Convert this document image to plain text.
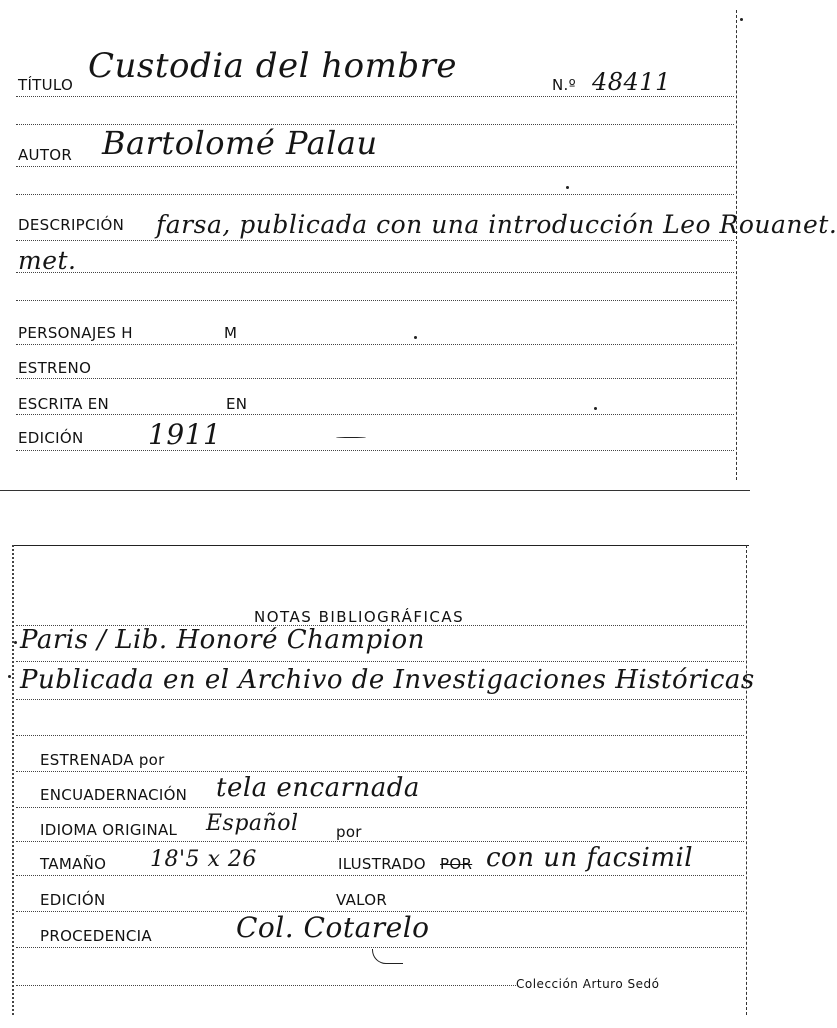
TÍTULO Custodia del hombre	N.º 48411
AUTOR Bartolomé Palau
DESCRIPCIÓN farsa, publicada con una introducción Leo Rouanet.
met.
PERSONAJES H	M
ESTRENO
ESCRITA EN	EN
EDICIÓN 1911
NOTAS BIBLIOGRÁFICAS
Paris / Lib. Honoré Champion
Publicada en el Archivo de Investigaciones Históricas
ESTRENADA por
ENCUADERNACIÓN tela encarnada
IDIOMA ORIGINAL Español	por
TAMAÑO 18'5 x 26	ILUSTRADO POR con un facsimil
EDICIÓN	VALOR
PROCEDENCIA	Col. Cotarelo
Colección Arturo Sedó
